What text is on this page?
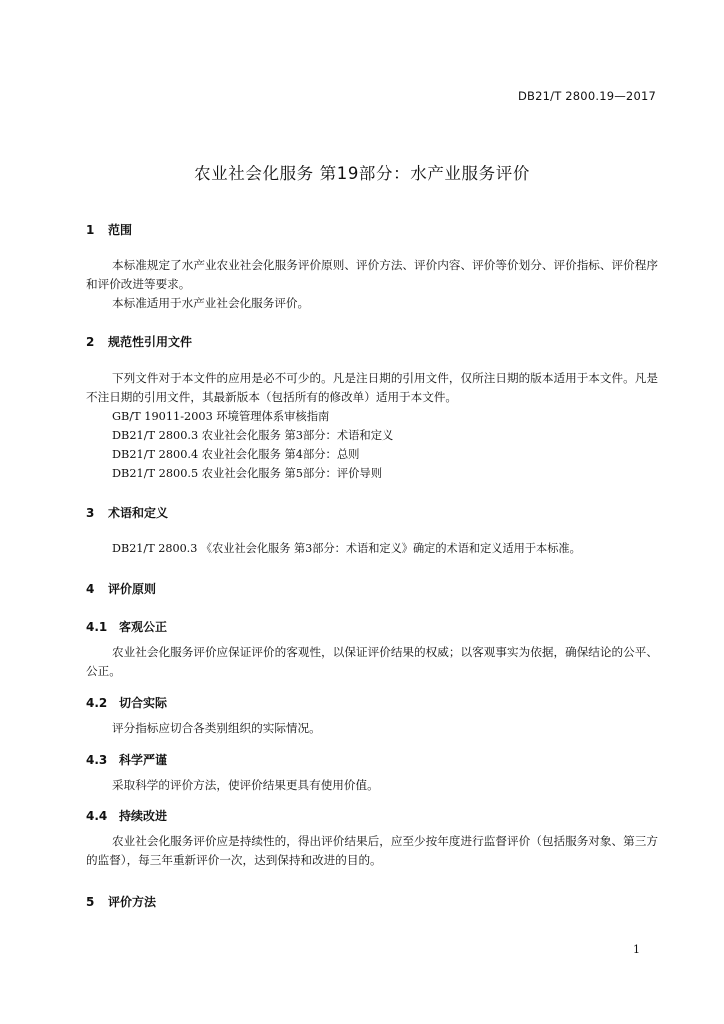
DB21/T 2800.19—2017
农业社会化服务 第19部分：水产业服务评价
1 范围

本标准规定了水产业农业社会化服务评价原则、评价方法、评价内容、评价等价划分、评价指标、评价程序和评价改进等要求。

本标准适用于水产业社会化服务评价。

2 规范性引用文件

下列文件对于本文件的应用是必不可少的。凡是注日期的引用文件，仅所注日期的版本适用于本文件。凡是不注日期的引用文件，其最新版本（包括所有的修改单）适用于本文件。

GB/T 19011-2003 环境管理体系审核指南
DB21/T 2800.3 农业社会化服务 第3部分：术语和定义
DB21/T 2800.4 农业社会化服务 第4部分：总则
DB21/T 2800.5 农业社会化服务 第5部分：评价导则
3 术语和定义

DB21/T 2800.3 《农业社会化服务 第3部分：术语和定义》确定的术语和定义适用于本标准。

4 评价原则
4.1 客观公正

农业社会化服务评价应保证评价的客观性，以保证评价结果的权威；以客观事实为依据，确保结论的公平、公正。

4.2 切合实际

评分指标应切合各类别组织的实际情况。

4.3 科学严谨

采取科学的评价方法，使评价结果更具有使用价值。

4.4 持续改进

农业社会化服务评价应是持续性的，得出评价结果后，应至少按年度进行监督评价（包括服务对象、第三方的监督），每三年重新评价一次，达到保持和改进的目的。

5 评价方法
1
